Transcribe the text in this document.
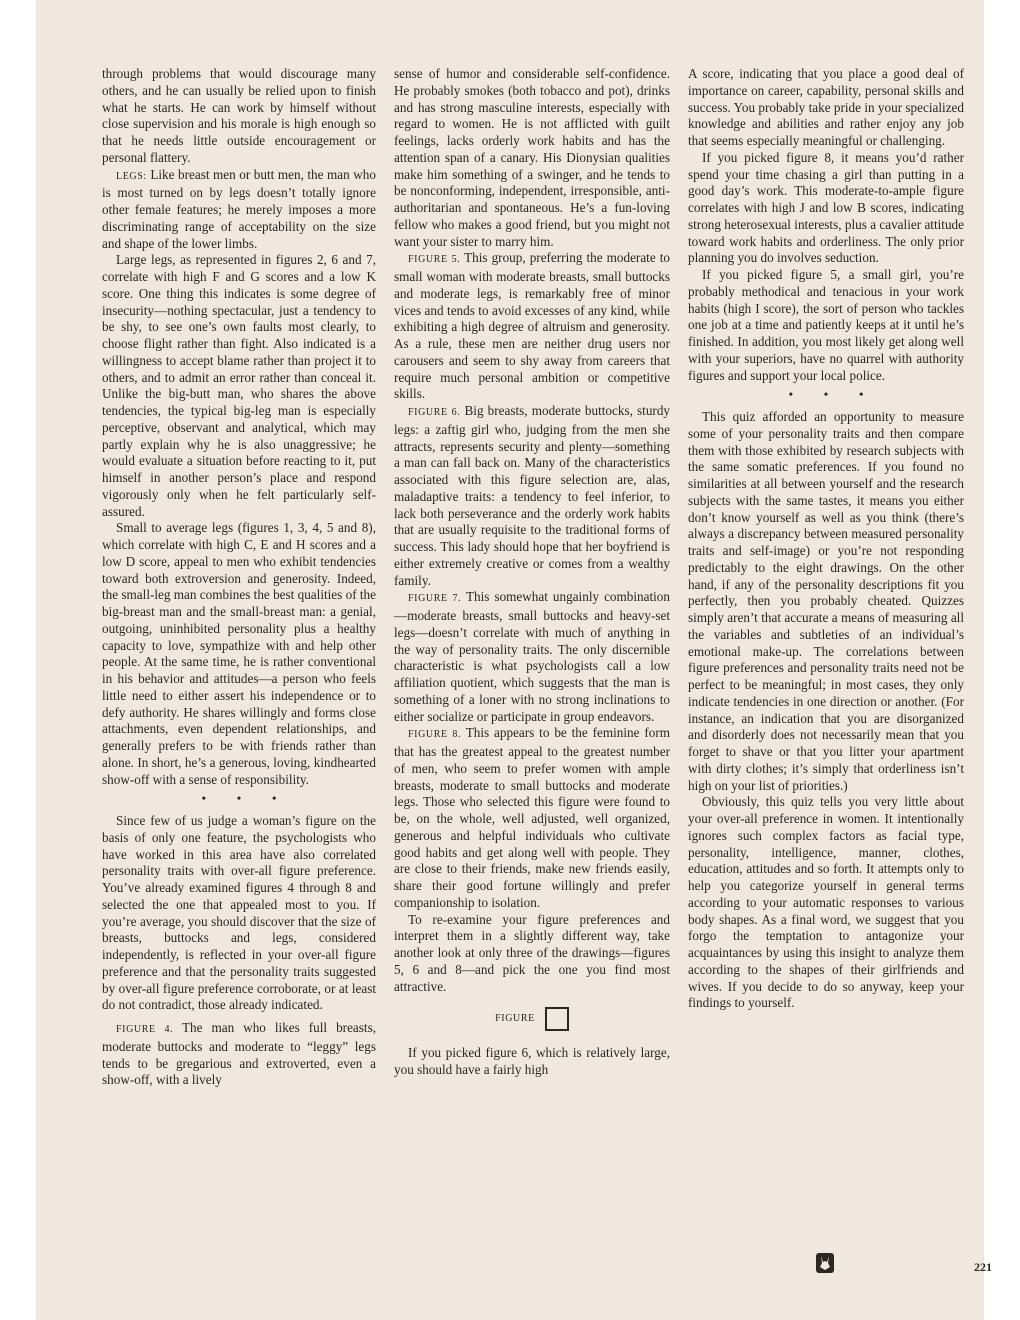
through problems that would discourage many others, and he can usually be relied upon to finish what he starts. He can work by himself without close supervision and his morale is high enough so that he needs little outside encouragement or personal flattery.

LEGS: Like breast men or butt men, the man who is most turned on by legs doesn’t totally ignore other female features; he merely imposes a more discriminating range of acceptability on the size and shape of the lower limbs.

Large legs, as represented in figures 2, 6 and 7, correlate with high F and G scores and a low K score. One thing this indicates is some degree of insecurity—nothing spectacular, just a tendency to be shy, to see one’s own faults most clearly, to choose flight rather than fight. Also indicated is a willingness to accept blame rather than project it to others, and to admit an error rather than conceal it. Unlike the big-butt man, who shares the above tendencies, the typical big-leg man is especially perceptive, observant and analytical, which may partly explain why he is also unaggressive; he would evaluate a situation before reacting to it, put himself in another person’s place and respond vigorously only when he felt particularly self-assured.

Small to average legs (figures 1, 3, 4, 5 and 8), which correlate with high C, E and H scores and a low D score, appeal to men who exhibit tendencies toward both extroversion and generosity. Indeed, the small-leg man combines the best qualities of the big-breast man and the small-breast man: a genial, outgoing, uninhibited personality plus a healthy capacity to love, sympathize with and help other people. At the same time, he is rather conventional in his behavior and attitudes—a person who feels little need to either assert his independence or to defy authority. He shares willingly and forms close attachments, even dependent relationships, and generally prefers to be with friends rather than alone. In short, he’s a generous, loving, kindhearted show-off with a sense of responsibility.

• • •

Since few of us judge a woman’s figure on the basis of only one feature, the psychologists who have worked in this area have also correlated personality traits with over-all figure preference. You’ve already examined figures 4 through 8 and selected the one that appealed most to you. If you’re average, you should discover that the size of breasts, buttocks and legs, considered independently, is reflected in your over-all figure preference and that the personality traits suggested by over-all figure preference corroborate, or at least do not contradict, those already indicated.

FIGURE 4. The man who likes full breasts, moderate buttocks and moderate to “leggy” legs tends to be gregarious and extroverted, even a show-off, with a lively

sense of humor and considerable self-confidence. He probably smokes (both tobacco and pot), drinks and has strong masculine interests, especially with regard to women. He is not afflicted with guilt feelings, lacks orderly work habits and has the attention span of a canary. His Dionysian qualities make him something of a swinger, and he tends to be nonconforming, independent, irresponsible, anti-authoritarian and spontaneous. He’s a fun-loving fellow who makes a good friend, but you might not want your sister to marry him.

FIGURE 5. This group, preferring the moderate to small woman with moderate breasts, small buttocks and moderate legs, is remarkably free of minor vices and tends to avoid excesses of any kind, while exhibiting a high degree of altruism and generosity. As a rule, these men are neither drug users nor carousers and seem to shy away from careers that require much personal ambition or competitive skills.

FIGURE 6. Big breasts, moderate buttocks, sturdy legs: a zaftig girl who, judging from the men she attracts, represents security and plenty—something a man can fall back on. Many of the characteristics associated with this figure selection are, alas, maladaptive traits: a tendency to feel inferior, to lack both perseverance and the orderly work habits that are usually requisite to the traditional forms of success. This lady should hope that her boyfriend is either extremely creative or comes from a wealthy family.

FIGURE 7. This somewhat ungainly combination—moderate breasts, small buttocks and heavy-set legs—doesn’t correlate with much of anything in the way of personality traits. The only discernible characteristic is what psychologists call a low affiliation quotient, which suggests that the man is something of a loner with no strong inclinations to either socialize or participate in group endeavors.

FIGURE 8. This appears to be the feminine form that has the greatest appeal to the greatest number of men, who seem to prefer women with ample breasts, moderate to small buttocks and moderate legs. Those who selected this figure were found to be, on the whole, well adjusted, well organized, generous and helpful individuals who cultivate good habits and get along well with people. They are close to their friends, make new friends easily, share their good fortune willingly and prefer companionship to isolation.

To re-examine your figure preferences and interpret them in a slightly different way, take another look at only three of the drawings—figures 5, 6 and 8—and pick the one you find most attractive.

FIGURE

If you picked figure 6, which is relatively large, you should have a fairly high

A score, indicating that you place a good deal of importance on career, capability, personal skills and success. You probably take pride in your specialized knowledge and abilities and rather enjoy any job that seems especially meaningful or challenging.

If you picked figure 8, it means you’d rather spend your time chasing a girl than putting in a good day’s work. This moderate-to-ample figure correlates with high J and low B scores, indicating strong heterosexual interests, plus a cavalier attitude toward work habits and orderliness. The only prior planning you do involves seduction.

If you picked figure 5, a small girl, you’re probably methodical and tenacious in your work habits (high I score), the sort of person who tackles one job at a time and patiently keeps at it until he’s finished. In addition, you most likely get along well with your superiors, have no quarrel with authority figures and support your local police.

• • •

This quiz afforded an opportunity to measure some of your personality traits and then compare them with those exhibited by research subjects with the same somatic preferences. If you found no similarities at all between yourself and the research subjects with the same tastes, it means you either don’t know yourself as well as you think (there’s always a discrepancy between measured personality traits and self-image) or you’re not responding predictably to the eight drawings. On the other hand, if any of the personality descriptions fit you perfectly, then you probably cheated. Quizzes simply aren’t that accurate a means of measuring all the variables and subtleties of an individual’s emotional make-up. The correlations between figure preferences and personality traits need not be perfect to be meaningful; in most cases, they only indicate tendencies in one direction or another. (For instance, an indication that you are disorganized and disorderly does not necessarily mean that you forget to shave or that you litter your apartment with dirty clothes; it’s simply that orderliness isn’t high on your list of priorities.)

Obviously, this quiz tells you very little about your over-all preference in women. It intentionally ignores such complex factors as facial type, personality, intelligence, manner, clothes, education, attitudes and so forth. It attempts only to help you categorize yourself in general terms according to your automatic responses to various body shapes. As a final word, we suggest that you forgo the temptation to antagonize your acquaintances by using this insight to analyze them according to the shapes of their girlfriends and wives. If you decide to do so anyway, keep your findings to yourself.

221
